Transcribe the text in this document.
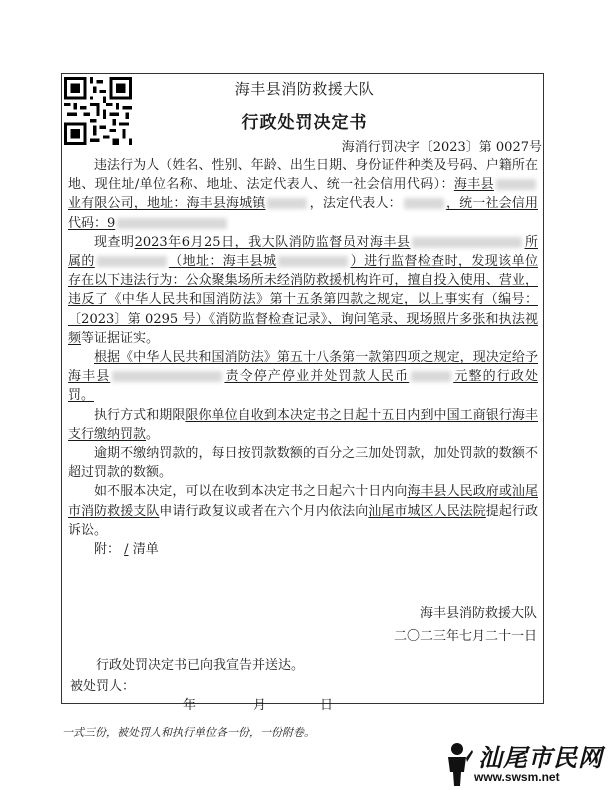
海丰县消防救援大队
行政处罚决定书
海消行罚决字〔2023〕第 0027号

违法行为人（姓名、性别、年龄、出生日期、身份证件种类及号码、户籍所在地、现住址/单位名称、地址、法定代表人、统一社会信用代码）：海丰县业有限公司，地址：海丰县海城镇	，法定代表人：	，统一社会信用代码：9

现查明2023年6月25日，我大队消防监督员对海丰县	所属的	（地址：海丰县城	）进行监督检查时，发现该单位存在以下违法行为：公众聚集场所未经消防救援机构许可，擅自投入使用、营业，违反了《中华人民共和国消防法》第十五条第四款之规定，以上事实有（编号：〔2023〕第 0295 号）《消防监督检查记录》、询问笔录、现场照片多张和执法视频等证据证实。

根据《中华人民共和国消防法》第五十八条第一款第四项之规定，现决定给予海丰县	责令停产停业并处罚款人民币	元整的行政处罚。

执行方式和期限限你单位自收到本决定书之日起十五日内到中国工商银行海丰支行缴纳罚款。

逾期不缴纳罚款的，每日按罚款数额的百分之三加处罚款，加处罚款的数额不超过罚款的数额。

如不服本决定，可以在收到本决定书之日起六十日内向海丰县人民政府或汕尾市消防救援支队申请行政复议或者在六个月内依法向汕尾市城区人民法院提起行政诉讼。

附： / 清单

海丰县消防救援大队
二〇二三年七月二十一日
行政处罚决定书已向我宣告并送达。
被处罚人：
年	月	日
一式三份，被处罚人和执行单位各一份，一份附卷。
汕尾市民网
www.swsm.net
